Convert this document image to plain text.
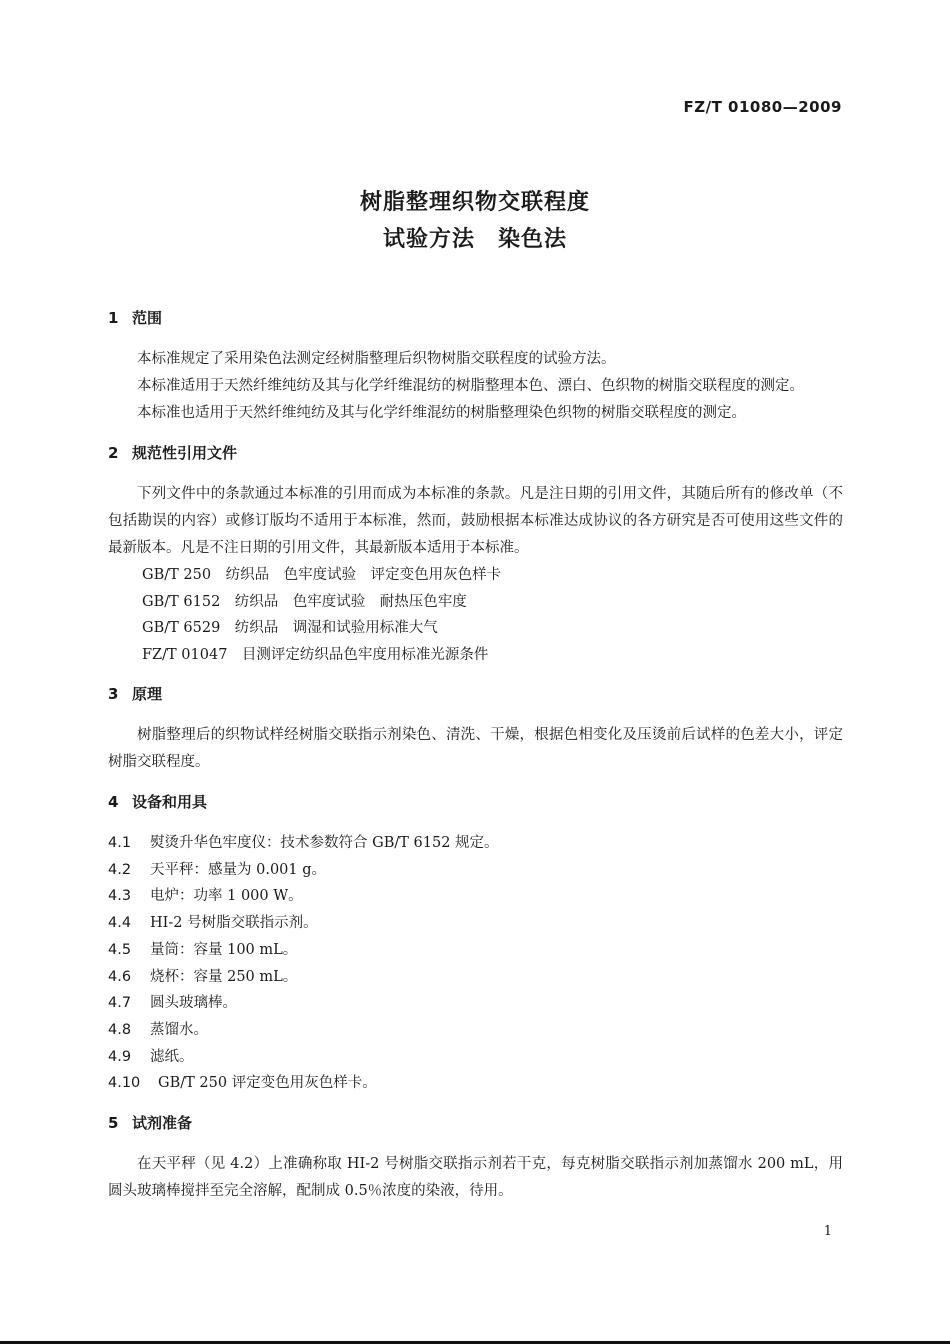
FZ/T 01080—2009
树脂整理织物交联程度
试验方法　染色法
1 范围

本标准规定了采用染色法测定经树脂整理后织物树脂交联程度的试验方法。

本标准适用于天然纤维纯纺及其与化学纤维混纺的树脂整理本色、漂白、色织物的树脂交联程度的测定。

本标准也适用于天然纤维纯纺及其与化学纤维混纺的树脂整理染色织物的树脂交联程度的测定。

2 规范性引用文件

下列文件中的条款通过本标准的引用而成为本标准的条款。凡是注日期的引用文件，其随后所有的修改单（不包括勘误的内容）或修订版均不适用于本标准，然而，鼓励根据本标准达成协议的各方研究是否可使用这些文件的最新版本。凡是不注日期的引用文件，其最新版本适用于本标准。

GB/T 250　纺织品　色牢度试验　评定变色用灰色样卡

GB/T 6152　纺织品　色牢度试验　耐热压色牢度

GB/T 6529　纺织品　调湿和试验用标准大气

FZ/T 01047　目测评定纺织品色牢度用标准光源条件

3 原理

树脂整理后的织物试样经树脂交联指示剂染色、清洗、干燥，根据色相变化及压烫前后试样的色差大小，评定树脂交联程度。

4 设备和用具

4.1 熨烫升华色牢度仪：技术参数符合 GB/T 6152 规定。

4.2 天平秤：感量为 0.001 g。

4.3 电炉：功率 1 000 W。

4.4 HI-2 号树脂交联指示剂。

4.5 量筒：容量 100 mL。

4.6 烧杯：容量 250 mL。

4.7 圆头玻璃棒。

4.8 蒸馏水。

4.9 滤纸。

4.10 GB/T 250 评定变色用灰色样卡。

5 试剂准备

在天平秤（见 4.2）上准确称取 HI-2 号树脂交联指示剂若干克，每克树脂交联指示剂加蒸馏水 200 mL，用圆头玻璃棒搅拌至完全溶解，配制成 0.5％浓度的染液，待用。

1
